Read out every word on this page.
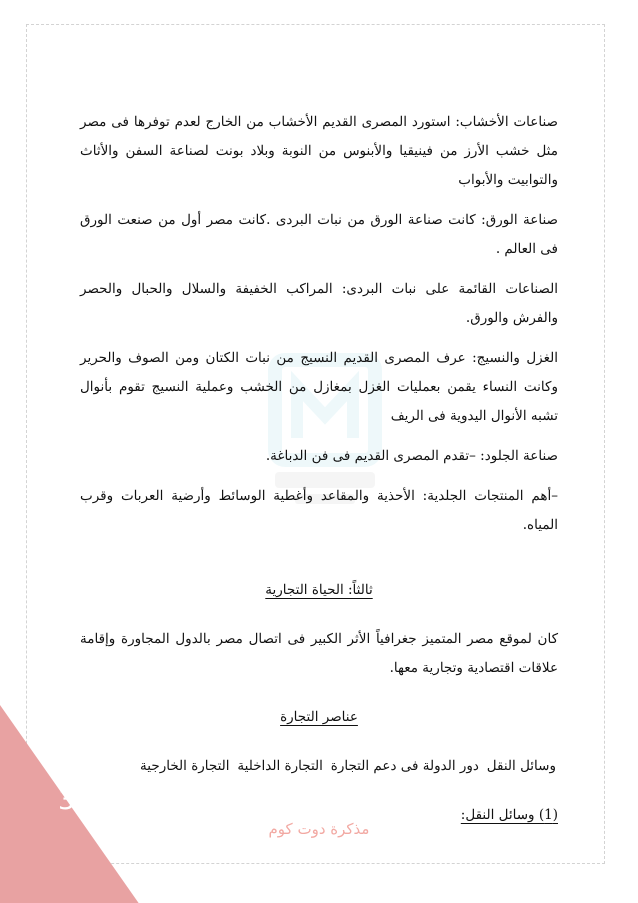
صناعات الأخشاب: استورد المصرى القديم الأخشاب من الخارج لعدم توفرها فى مصر مثل خشب الأرز من فينيقيا والأبنوس من النوبة وبلاد بونت لصناعة السفن والأثاث والتوابيت والأبواب

صناعة الورق: كانت صناعة الورق من نبات البردى .كانت مصر أول من صنعت الورق فى العالم .

الصناعات القائمة على نبات البردى: المراكب الخفيفة والسلال والحبال والحصر والفرش والورق.

الغزل والنسيج: عرف المصرى القديم النسيج من نبات الكتان ومن الصوف والحرير وكانت النساء يقمن بعمليات الغزل بمغازل من الخشب وعملية النسيج تقوم بأنوال تشبه الأنوال اليدوية فى الريف

صناعة الجلود: –تقدم المصرى القديم فى فن الدباغة.

–أهم المنتجات الجلدية: الأحذية والمقاعد وأغطية الوسائط وأرضية العربات وقرب المياه.

ثالثاً: الحياة التجارية

كان لموقع مصر المتميز جغرافياً الأثر الكبير فى اتصال مصر بالدول المجاورة وإقامة علاقات اقتصادية وتجارية معها.

عناصر التجارة

وسائل النقل
دور الدولة فى دعم التجارة
التجارة الداخلية
التجارة الخارجية

(1) وسائل النقل:

35
مذكرة دوت كوم
